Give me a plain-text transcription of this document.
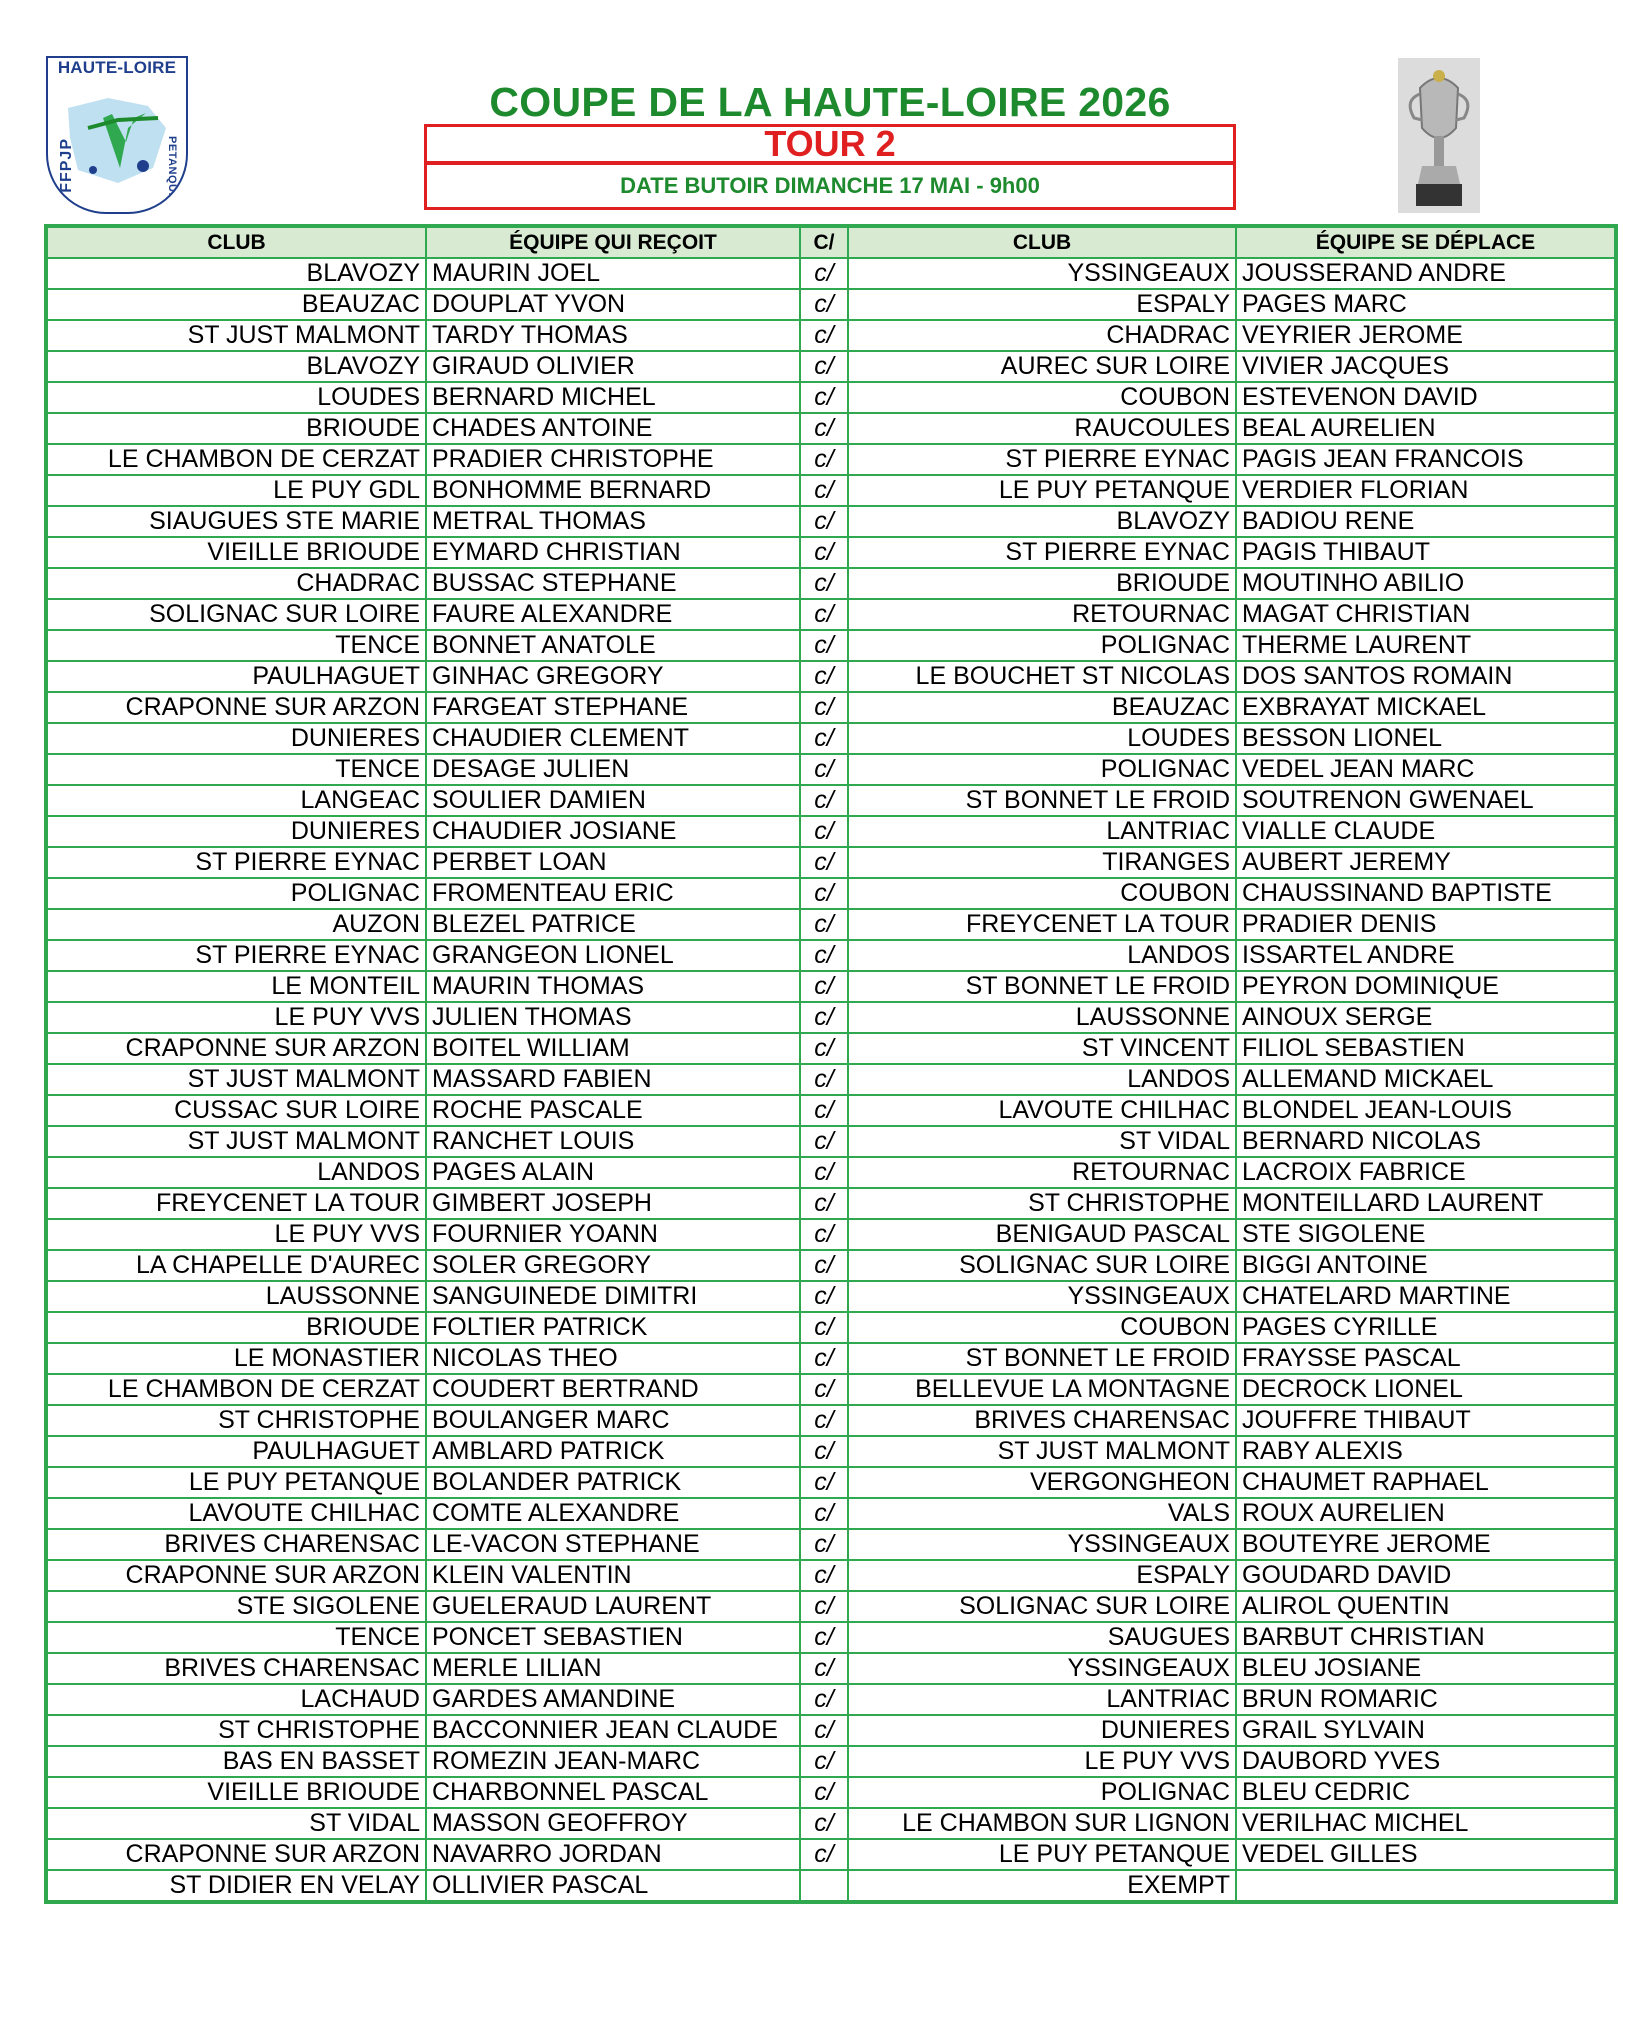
HAUTE-LOIRE
FFPJP	PETANQUE
COUPE DE LA HAUTE-LOIRE 2026
TOUR 2
DATE BUTOIR DIMANCHE 17 MAI - 9h00
CLUB	ÉQUIPE QUI REÇOIT	C/	CLUB	ÉQUIPE SE DÉPLACE
BLAVOZY	MAURIN JOEL	c/	YSSINGEAUX	JOUSSERAND ANDRE
BEAUZAC	DOUPLAT YVON	c/	ESPALY	PAGES MARC
ST JUST MALMONT	TARDY THOMAS	c/	CHADRAC	VEYRIER JEROME
BLAVOZY	GIRAUD OLIVIER	c/	AUREC SUR LOIRE	VIVIER JACQUES
LOUDES	BERNARD MICHEL	c/	COUBON	ESTEVENON DAVID
BRIOUDE	CHADES ANTOINE	c/	RAUCOULES	BEAL AURELIEN
LE CHAMBON DE CERZAT	PRADIER CHRISTOPHE	c/	ST PIERRE EYNAC	PAGIS JEAN FRANCOIS
LE PUY GDL	BONHOMME BERNARD	c/	LE PUY PETANQUE	VERDIER FLORIAN
SIAUGUES STE MARIE	METRAL THOMAS	c/	BLAVOZY	BADIOU RENE
VIEILLE BRIOUDE	EYMARD CHRISTIAN	c/	ST PIERRE EYNAC	PAGIS THIBAUT
CHADRAC	BUSSAC STEPHANE	c/	BRIOUDE	MOUTINHO ABILIO
SOLIGNAC SUR LOIRE	FAURE ALEXANDRE	c/	RETOURNAC	MAGAT CHRISTIAN
TENCE	BONNET ANATOLE	c/	POLIGNAC	THERME LAURENT
PAULHAGUET	GINHAC GREGORY	c/	LE BOUCHET ST NICOLAS	DOS SANTOS ROMAIN
CRAPONNE SUR ARZON	FARGEAT STEPHANE	c/	BEAUZAC	EXBRAYAT MICKAEL
DUNIERES	CHAUDIER CLEMENT	c/	LOUDES	BESSON LIONEL
TENCE	DESAGE JULIEN	c/	POLIGNAC	VEDEL JEAN MARC
LANGEAC	SOULIER DAMIEN	c/	ST BONNET LE FROID	SOUTRENON GWENAEL
DUNIERES	CHAUDIER JOSIANE	c/	LANTRIAC	VIALLE CLAUDE
ST PIERRE EYNAC	PERBET LOAN	c/	TIRANGES	AUBERT JEREMY
POLIGNAC	FROMENTEAU ERIC	c/	COUBON	CHAUSSINAND BAPTISTE
AUZON	BLEZEL PATRICE	c/	FREYCENET LA TOUR	PRADIER DENIS
ST PIERRE EYNAC	GRANGEON LIONEL	c/	LANDOS	ISSARTEL ANDRE
LE MONTEIL	MAURIN THOMAS	c/	ST BONNET LE FROID	PEYRON DOMINIQUE
LE PUY VVS	JULIEN THOMAS	c/	LAUSSONNE	AINOUX SERGE
CRAPONNE SUR ARZON	BOITEL WILLIAM	c/	ST VINCENT	FILIOL SEBASTIEN
ST JUST MALMONT	MASSARD FABIEN	c/	LANDOS	ALLEMAND MICKAEL
CUSSAC SUR LOIRE	ROCHE PASCALE	c/	LAVOUTE CHILHAC	BLONDEL JEAN-LOUIS
ST JUST MALMONT	RANCHET LOUIS	c/	ST VIDAL	BERNARD NICOLAS
LANDOS	PAGES ALAIN	c/	RETOURNAC	LACROIX FABRICE
FREYCENET LA TOUR	GIMBERT JOSEPH	c/	ST CHRISTOPHE	MONTEILLARD LAURENT
LE PUY VVS	FOURNIER YOANN	c/	BENIGAUD PASCAL	STE SIGOLENE
LA CHAPELLE D'AUREC	SOLER GREGORY	c/	SOLIGNAC SUR LOIRE	BIGGI ANTOINE
LAUSSONNE	SANGUINEDE DIMITRI	c/	YSSINGEAUX	CHATELARD MARTINE
BRIOUDE	FOLTIER PATRICK	c/	COUBON	PAGES CYRILLE
LE MONASTIER	NICOLAS THEO	c/	ST BONNET LE FROID	FRAYSSE PASCAL
LE CHAMBON DE CERZAT	COUDERT BERTRAND	c/	BELLEVUE LA MONTAGNE	DECROCK LIONEL
ST CHRISTOPHE	BOULANGER MARC	c/	BRIVES CHARENSAC	JOUFFRE THIBAUT
PAULHAGUET	AMBLARD PATRICK	c/	ST JUST MALMONT	RABY ALEXIS
LE PUY PETANQUE	BOLANDER PATRICK	c/	VERGONGHEON	CHAUMET RAPHAEL
LAVOUTE CHILHAC	COMTE ALEXANDRE	c/	VALS	ROUX AURELIEN
BRIVES CHARENSAC	LE-VACON STEPHANE	c/	YSSINGEAUX	BOUTEYRE JEROME
CRAPONNE SUR ARZON	KLEIN VALENTIN	c/	ESPALY	GOUDARD DAVID
STE SIGOLENE	GUELERAUD LAURENT	c/	SOLIGNAC SUR LOIRE	ALIROL QUENTIN
TENCE	PONCET SEBASTIEN	c/	SAUGUES	BARBUT CHRISTIAN
BRIVES CHARENSAC	MERLE LILIAN	c/	YSSINGEAUX	BLEU JOSIANE
LACHAUD	GARDES AMANDINE	c/	LANTRIAC	BRUN ROMARIC
ST CHRISTOPHE	BACCONNIER JEAN CLAUDE	c/	DUNIERES	GRAIL SYLVAIN
BAS EN BASSET	ROMEZIN JEAN-MARC	c/	LE PUY VVS	DAUBORD YVES
VIEILLE BRIOUDE	CHARBONNEL PASCAL	c/	POLIGNAC	BLEU CEDRIC
ST VIDAL	MASSON GEOFFROY	c/	LE CHAMBON SUR LIGNON	VERILHAC MICHEL
CRAPONNE SUR ARZON	NAVARRO JORDAN	c/	LE PUY PETANQUE	VEDEL GILLES
ST DIDIER EN VELAY	OLLIVIER PASCAL		EXEMPT	
